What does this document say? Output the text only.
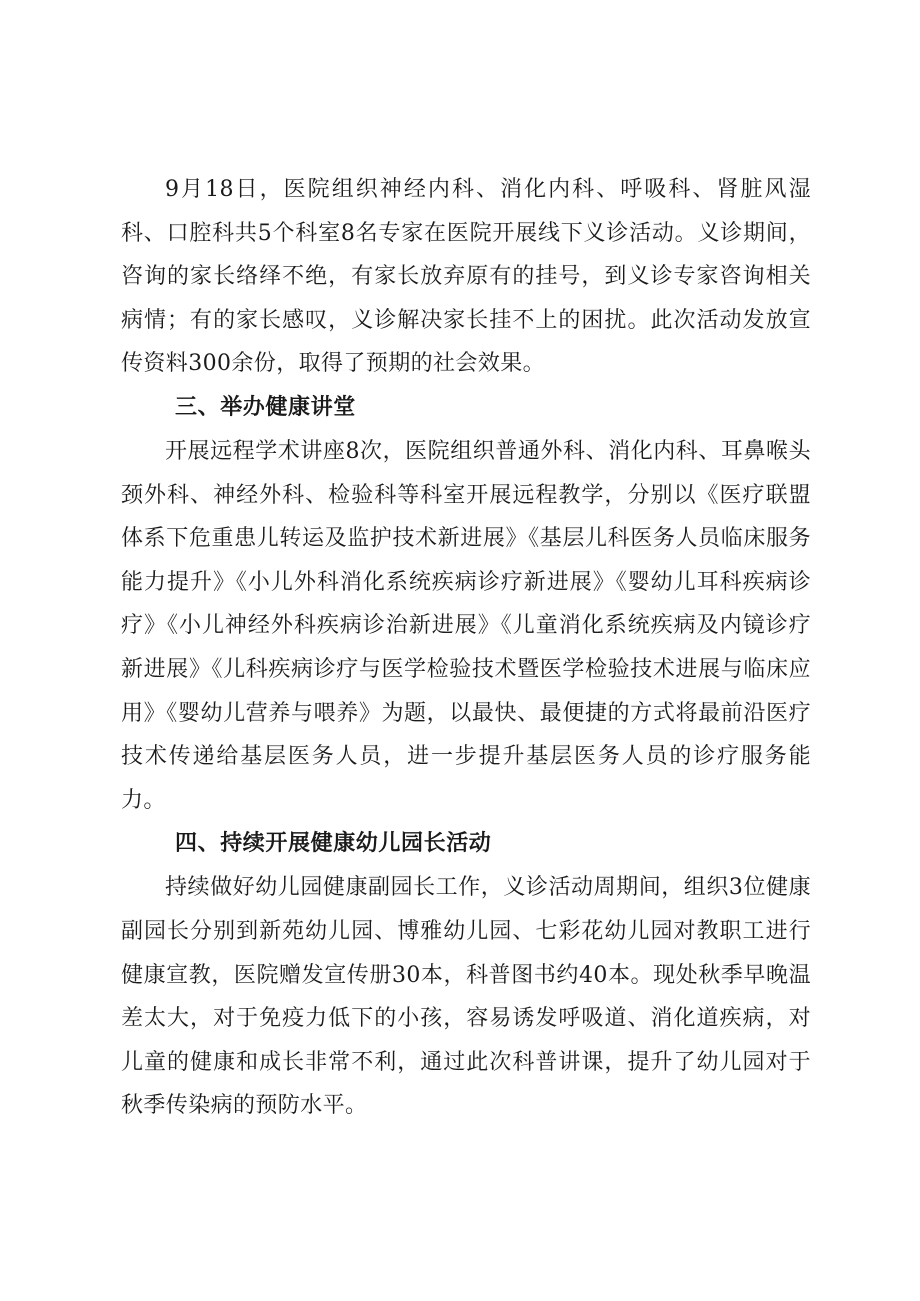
9月18日，医院组织神经内科、消化内科、呼吸科、肾脏风湿科、口腔科共5个科室8名专家在医院开展线下义诊活动。义诊期间，咨询的家长络绎不绝，有家长放弃原有的挂号，到义诊专家咨询相关病情；有的家长感叹，义诊解决家长挂不上的困扰。此次活动发放宣传资料300余份，取得了预期的社会效果。

三、举办健康讲堂

开展远程学术讲座8次，医院组织普通外科、消化内科、耳鼻喉头颈外科、神经外科、检验科等科室开展远程教学，分别以《医疗联盟体系下危重患儿转运及监护技术新进展》《基层儿科医务人员临床服务能力提升》《小儿外科消化系统疾病诊疗新进展》《婴幼儿耳科疾病诊疗》《小儿神经外科疾病诊治新进展》《儿童消化系统疾病及内镜诊疗新进展》《儿科疾病诊疗与医学检验技术暨医学检验技术进展与临床应用》《婴幼儿营养与喂养》为题，以最快、最便捷的方式将最前沿医疗技术传递给基层医务人员，进一步提升基层医务人员的诊疗服务能力。

四、持续开展健康幼儿园长活动

持续做好幼儿园健康副园长工作，义诊活动周期间，组织3位健康副园长分别到新苑幼儿园、博雅幼儿园、七彩花幼儿园对教职工进行健康宣教，医院赠发宣传册30本，科普图书约40本。现处秋季早晚温差太大，对于免疫力低下的小孩，容易诱发呼吸道、消化道疾病，对儿童的健康和成长非常不利，通过此次科普讲课，提升了幼儿园对于秋季传染病的预防水平。
